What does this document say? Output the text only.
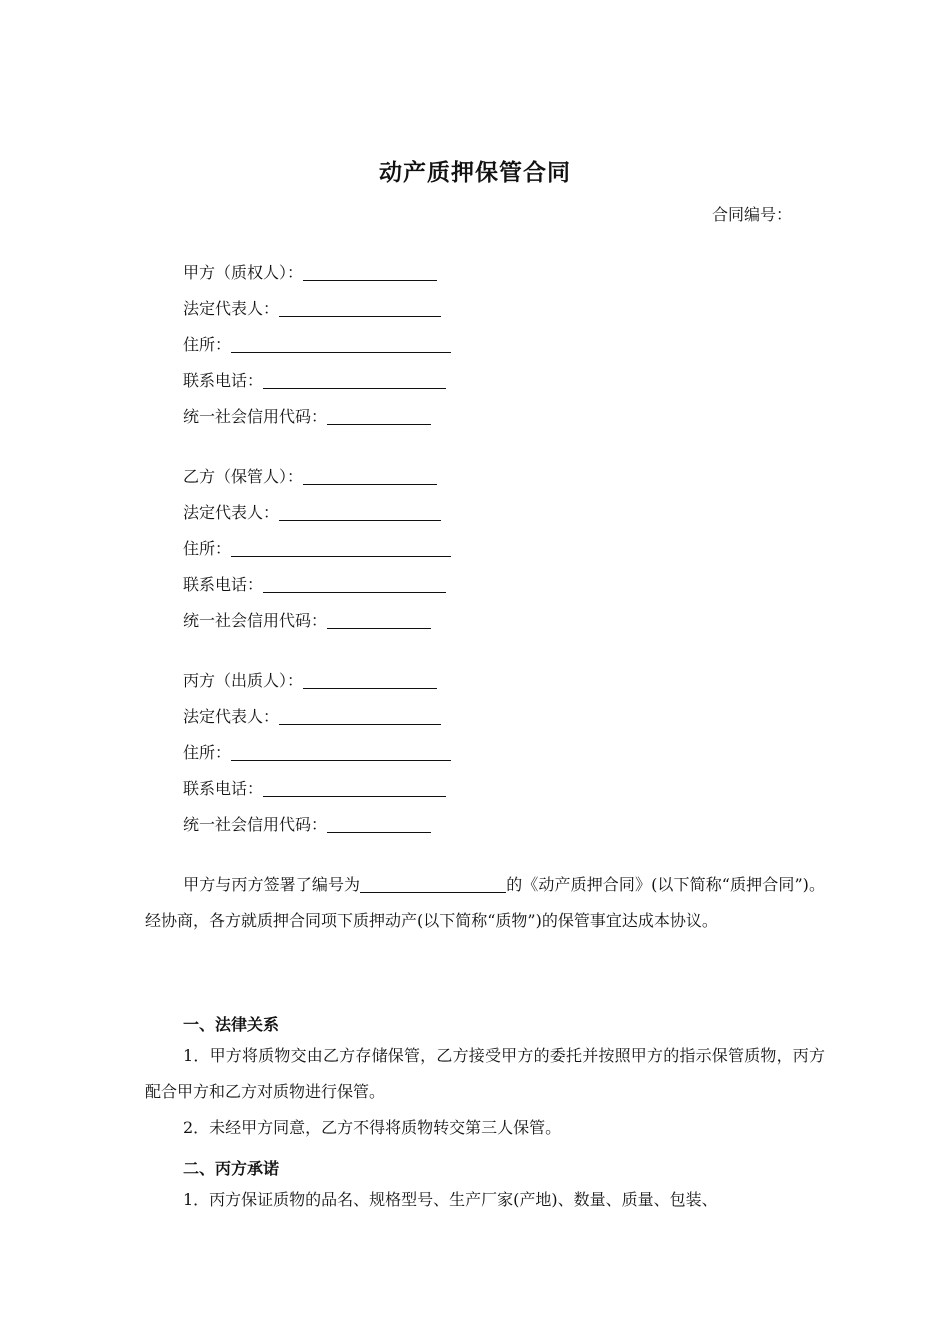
动产质押保管合同
合同编号：
甲方（质权人）：
法定代表人：
住所：
联系电话：
统一社会信用代码：
乙方（保管人）：
法定代表人：
住所：
联系电话：
统一社会信用代码：
丙方（出质人）：
法定代表人：
住所：
联系电话：
统一社会信用代码：
甲方与丙方签署了编号为	的《动产质押合同》(以下简称“质押合同”)。经协商，各方就质押合同项下质押动产(以下简称“质物”)的保管事宜达成本协议。
一、法律关系
1．甲方将质物交由乙方存储保管，乙方接受甲方的委托并按照甲方的指示保管质物，丙方配合甲方和乙方对质物进行保管。
2．未经甲方同意，乙方不得将质物转交第三人保管。
二、丙方承诺
1．丙方保证质物的品名、规格型号、生产厂家(产地)、数量、质量、包装、
